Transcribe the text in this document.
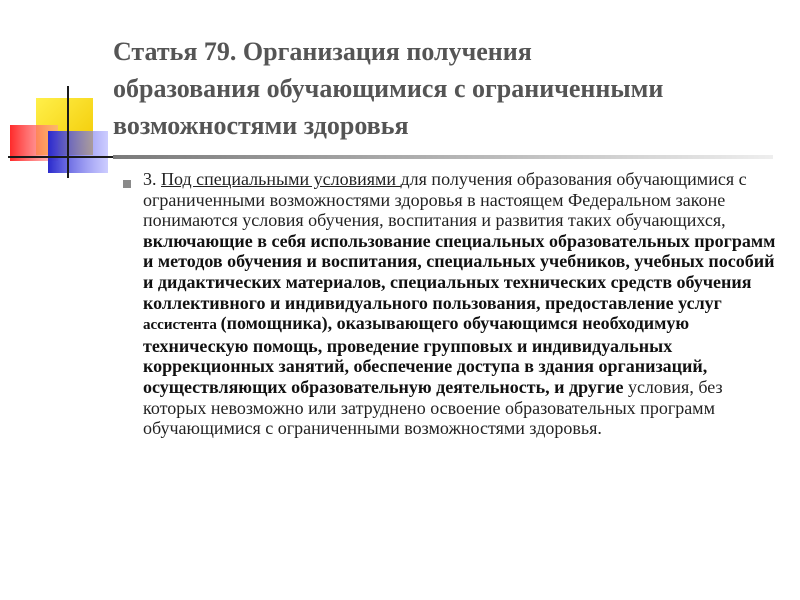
Статья 79. Организация получения
образования обучающимися с ограниченными
возможностями здоровья

3. Под специальными условиями для получения образования обучающимися с ограниченными возможностями здоровья в настоящем Федеральном законе понимаются условия обучения, воспитания и развития таких обучающихся, включающие в себя использование специальных образовательных программ и методов обучения и воспитания, специальных учебников, учебных пособий и дидактических материалов, специальных технических средств обучения коллективного и индивидуального пользования, предоставление услуг ассистента (помощника), оказывающего обучающимся необходимую техническую помощь, проведение групповых и индивидуальных коррекционных занятий, обеспечение доступа в здания организаций, осуществляющих образовательную деятельность, и другие условия, без которых невозможно или затруднено освоение образовательных программ обучающимися с ограниченными возможностями здоровья.
